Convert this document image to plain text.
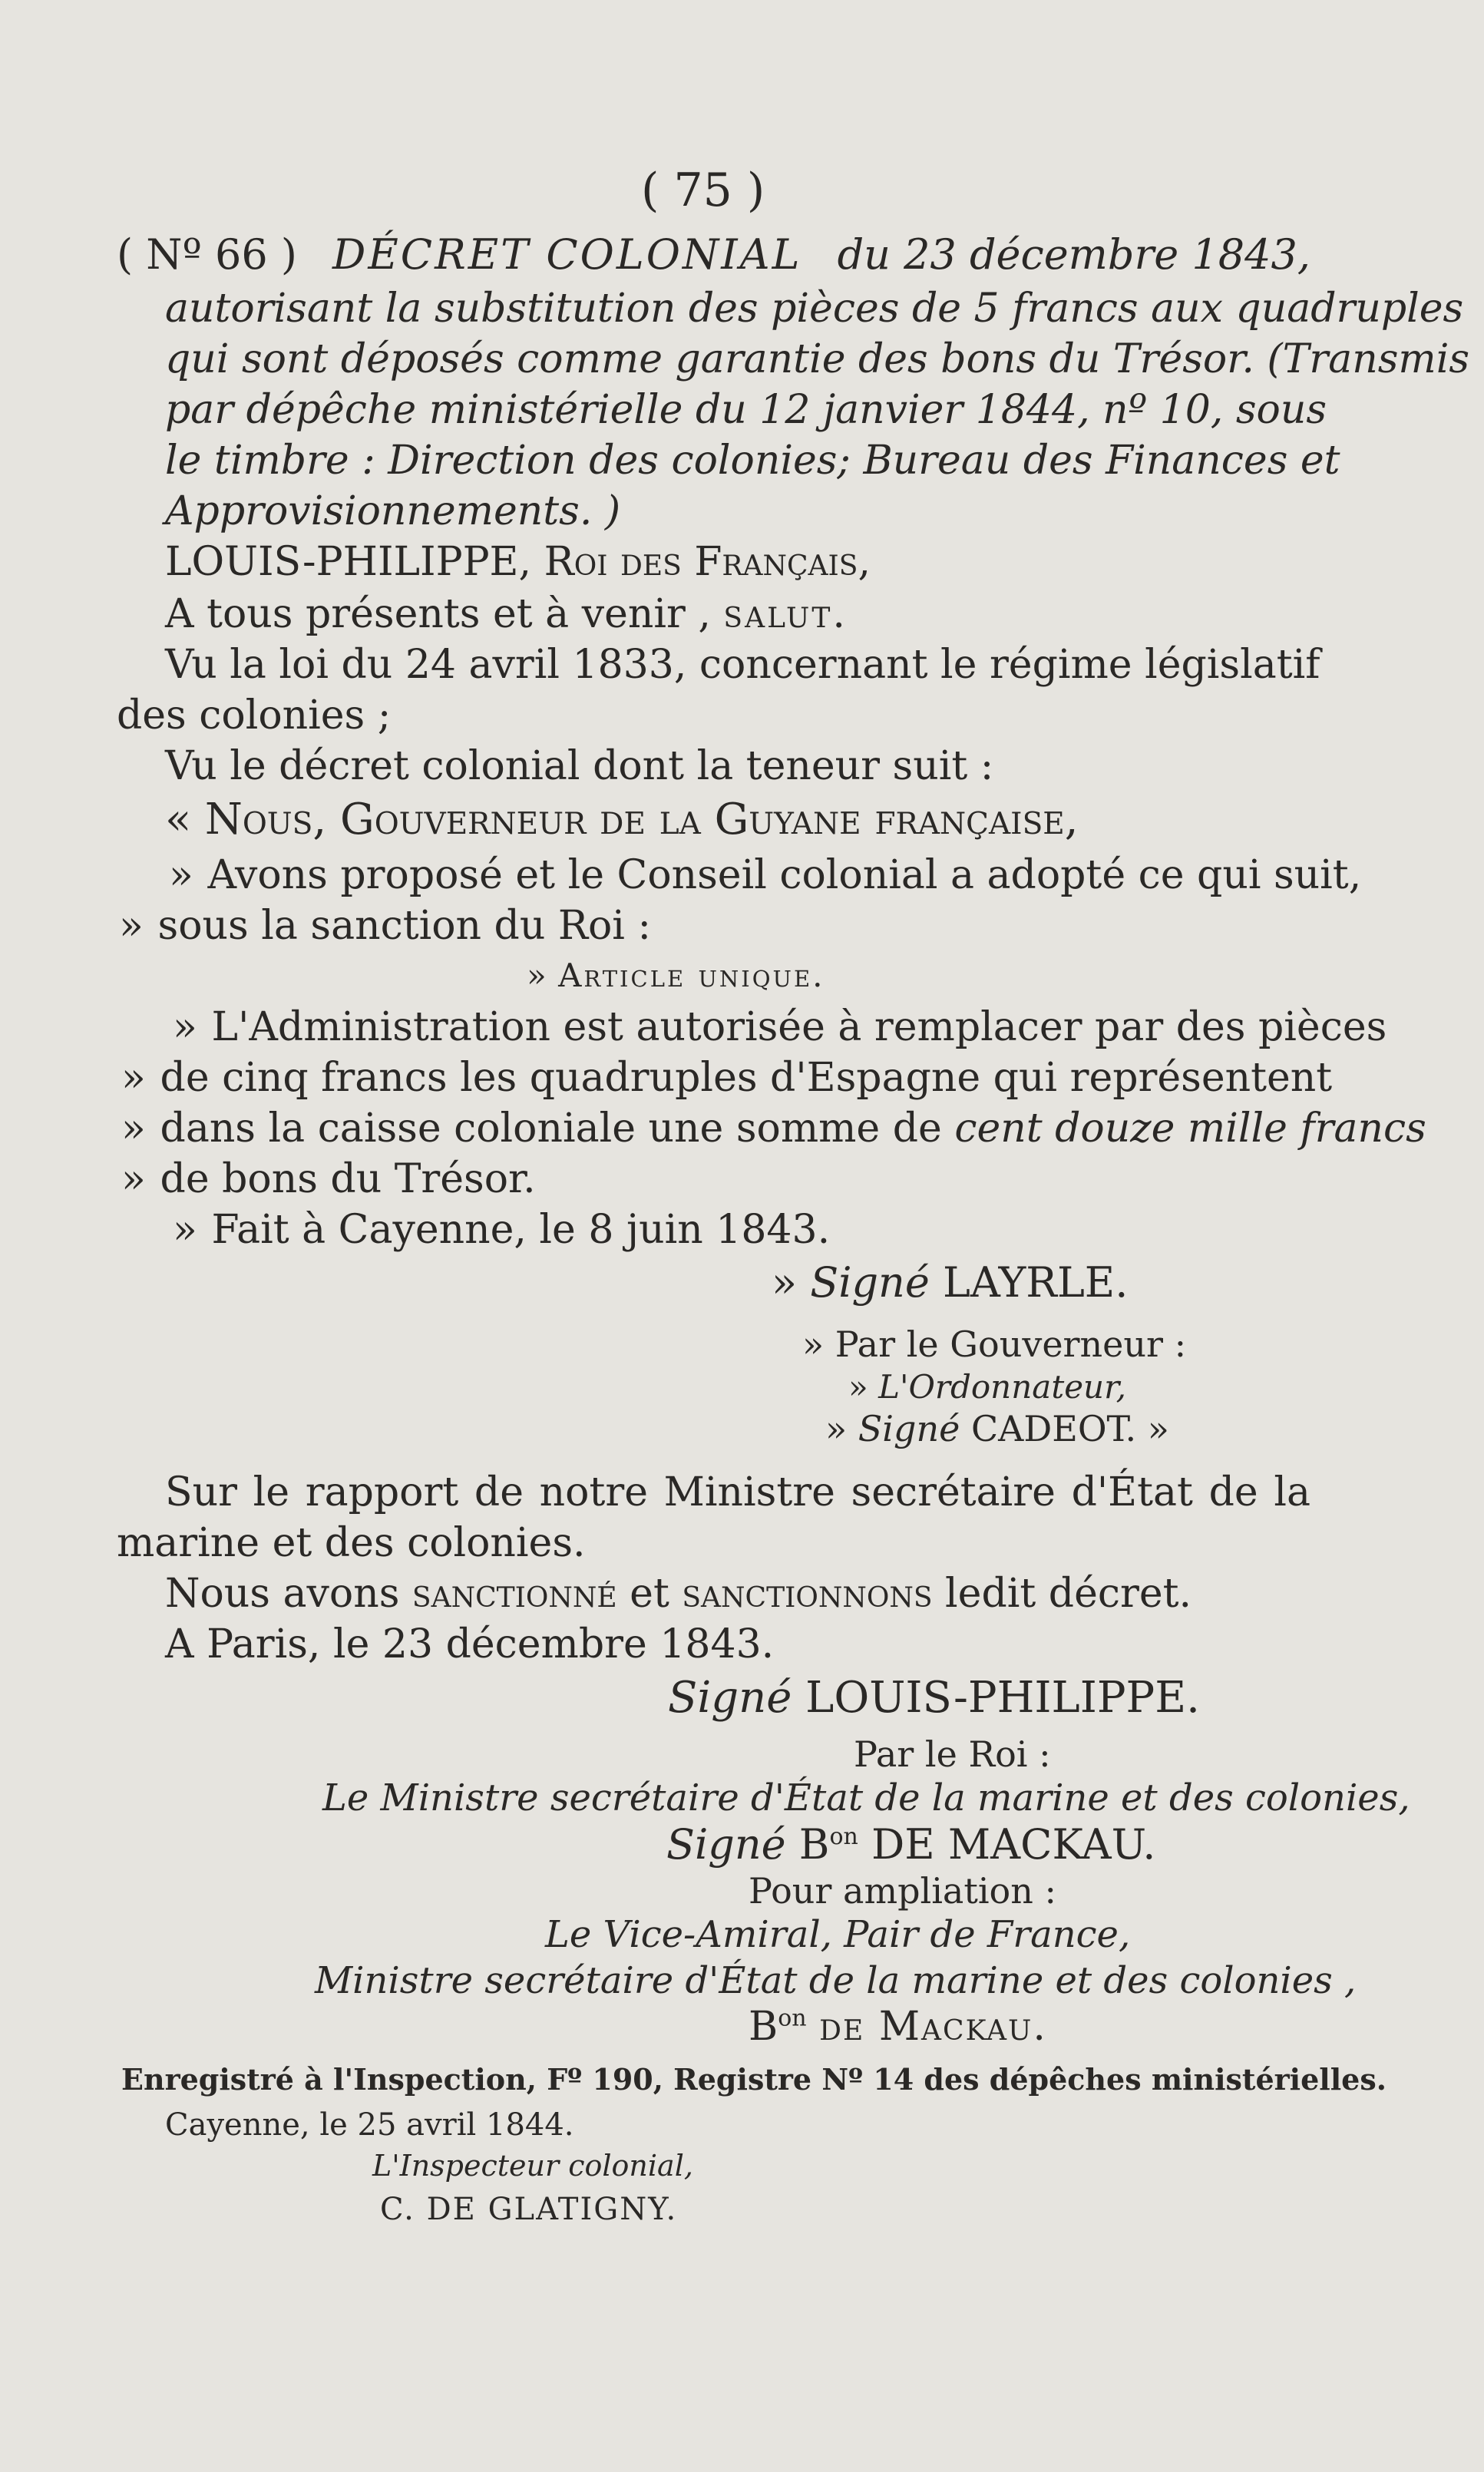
( 75 )
( Nº 66 ) DÉCRET COLONIAL du 23 décembre 1843,
autorisant la substitution des pièces de 5 francs aux quadruples
qui sont déposés comme garantie des bons du Trésor. (Transmis
par dépêche ministérielle du 12 janvier 1844, nº 10, sous
le timbre : Direction des colonies; Bureau des Finances et
Approvisionnements. )
LOUIS-PHILIPPE, Roi des Français,
A tous présents et à venir , salut.
Vu la loi du 24 avril 1833, concernant le régime législatif
des colonies ;
Vu le décret colonial dont la teneur suit :
« Nous, Gouverneur de la Guyane française,
» Avons proposé et le Conseil colonial a adopté ce qui suit,
» sous la sanction du Roi :
» Article unique.
» L'Administration est autorisée à remplacer par des pièces
» de cinq francs les quadruples d'Espagne qui représentent
» dans la caisse coloniale une somme de cent douze mille francs
» de bons du Trésor.
» Fait à Cayenne, le 8 juin 1843.
» Signé LAYRLE.
» Par le Gouverneur :
» L'Ordonnateur,
» Signé CADEOT. »
Sur le rapport de notre Ministre secrétaire d'État de la
marine et des colonies.
Nous avons sanctionné et sanctionnons ledit décret.
A Paris, le 23 décembre 1843.
Signé LOUIS-PHILIPPE.
Par le Roi :
Le Ministre secrétaire d'État de la marine et des colonies,
Signé $B^{on}$ DE MACKAU.
Pour ampliation :
Le Vice-Amiral, Pair de France,
Ministre secrétaire d'État de la marine et des colonies ,
$B^{on}$ de Mackau.
Enregistré à l'Inspection, Fº 190, Registre Nº 14 des dépêches ministérielles.
Cayenne, le 25 avril 1844.
L'Inspecteur colonial,
C. DE GLATIGNY.
